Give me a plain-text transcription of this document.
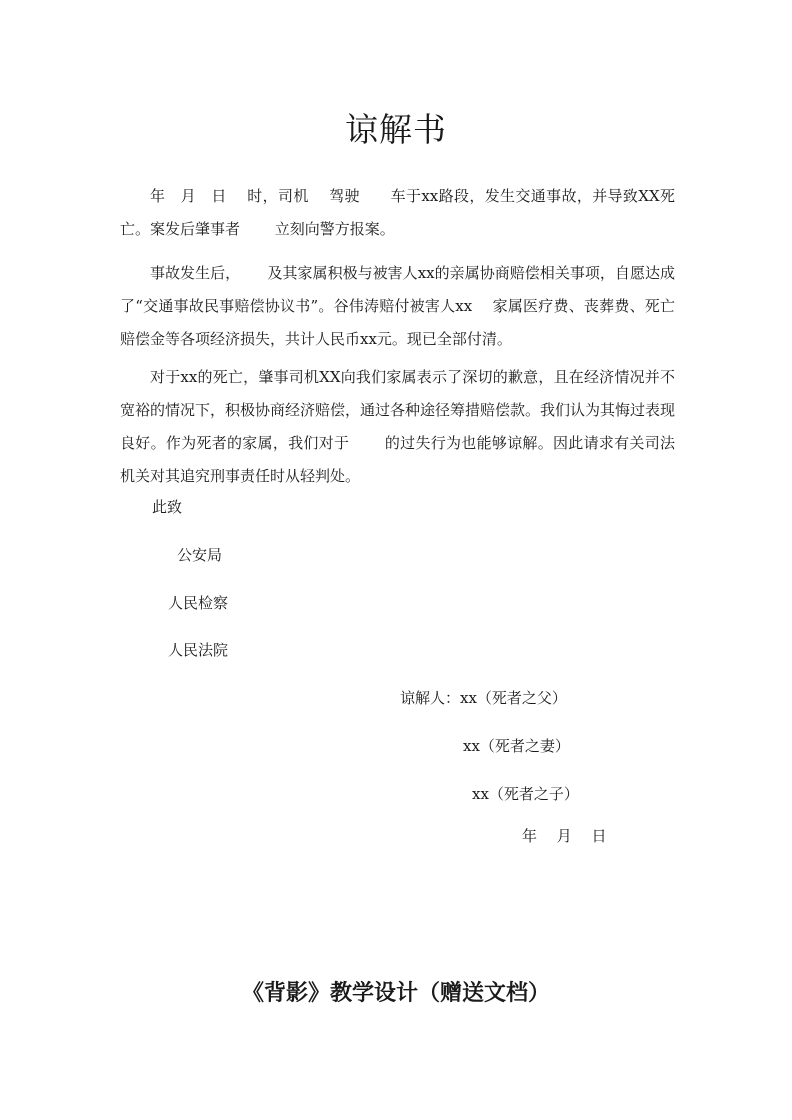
谅解书

年　月　日　 时，司机　 驾驶　　车于xx路段，发生交通事故，并导致XX死亡。案发后肇事者　　 立刻向警方报案。

事故发生后，　　 及其家属积极与被害人xx的亲属协商赔偿相关事项，自愿达成了“交通事故民事赔偿协议书”。谷伟涛赔付被害人xx　 家属医疗费、丧葬费、死亡赔偿金等各项经济损失，共计人民币xx元。现已全部付清。

对于xx的死亡，肇事司机XX向我们家属表示了深切的歉意，且在经济情况并不宽裕的情况下，积极协商经济赔偿，通过各种途径筹措赔偿款。我们认为其悔过表现良好。作为死者的家属，我们对于　　 的过失行为也能够谅解。因此请求有关司法机关对其追究刑事责任时从轻判处。

此致
公安局
人民检察
人民法院
谅解人：xx（死者之父）
xx（死者之妻）
xx（死者之子）
年　 月　 日
《背影》教学设计（赠送文档）
